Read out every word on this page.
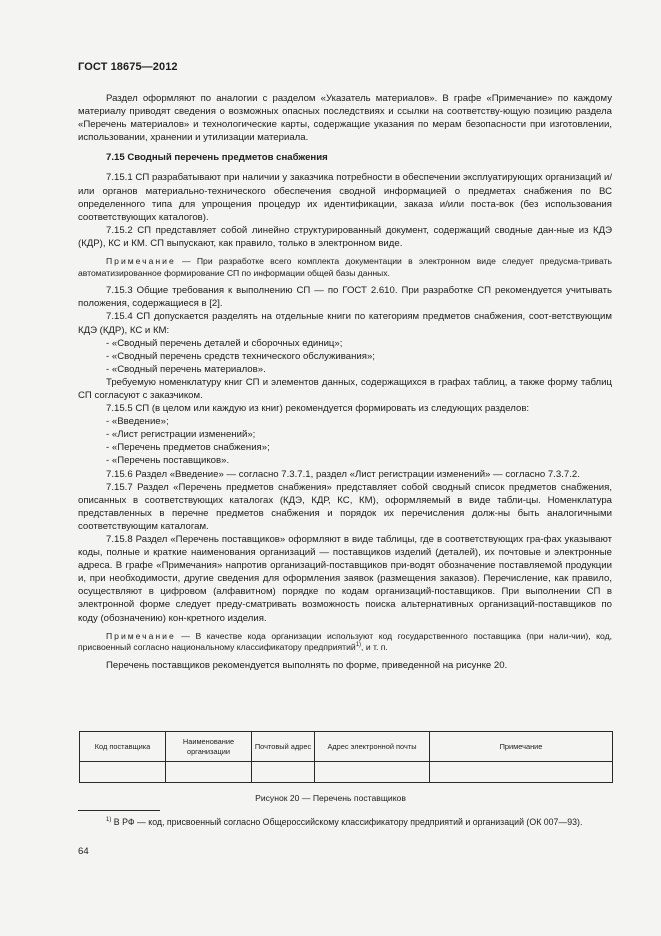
ГОСТ 18675—2012

Раздел оформляют по аналогии с разделом «Указатель материалов». В графе «Примечание» по каждому материалу приводят сведения о возможных опасных последствиях и ссылки на соответству-ющую позицию раздела «Перечень материалов» и технологические карты, содержащие указания по мерам безопасности при изготовлении, использовании, хранении и утилизации материала.

7.15 Сводный перечень предметов снабжения

7.15.1 СП разрабатывают при наличии у заказчика потребности в обеспечении эксплуатирующих организаций и/или органов материально-технического обеспечения сводной информацией о предметах снабжения по ВС определенного типа для упрощения процедур их идентификации, заказа и/или поста-вок (без использования соответствующих каталогов).

7.15.2 СП представляет собой линейно структурированный документ, содержащий сводные дан-ные из КДЭ (КДР), КС и КМ. СП выпускают, как правило, только в электронном виде.

Примечание — При разработке всего комплекта документации в электронном виде следует предусма-тривать автоматизированное формирование СП по информации общей базы данных.

7.15.3 Общие требования к выполнению СП — по ГОСТ 2.610. При разработке СП рекомендуется учитывать положения, содержащиеся в [2].

7.15.4 СП допускается разделять на отдельные книги по категориям предметов снабжения, соот-ветствующим КДЭ (КДР), КС и КМ:

- «Сводный перечень деталей и сборочных единиц»;

- «Сводный перечень средств технического обслуживания»;

- «Сводный перечень материалов».

Требуемую номенклатуру книг СП и элементов данных, содержащихся в графах таблиц, а также форму таблиц СП согласуют с заказчиком.

7.15.5 СП (в целом или каждую из книг) рекомендуется формировать из следующих разделов:

- «Введение»;

- «Лист регистрации изменений»;

- «Перечень предметов снабжения»;

- «Перечень поставщиков».

7.15.6 Раздел «Введение» — согласно 7.3.7.1, раздел «Лист регистрации изменений» — согласно 7.3.7.2.

7.15.7 Раздел «Перечень предметов снабжения» представляет собой сводный список предметов снабжения, описанных в соответствующих каталогах (КДЭ, КДР, КС, КМ), оформляемый в виде табли-цы. Номенклатура представленных в перечне предметов снабжения и порядок их перечисления долж-ны быть аналогичными соответствующим каталогам.

7.15.8 Раздел «Перечень поставщиков» оформляют в виде таблицы, где в соответствующих гра-фах указывают коды, полные и краткие наименования организаций — поставщиков изделий (деталей), их почтовые и электронные адреса. В графе «Примечания» напротив организаций-поставщиков при-водят обозначение поставляемой продукции и, при необходимости, другие сведения для оформления заявок (размещения заказов). Перечисление, как правило, осуществляют в цифровом (алфавитном) порядке по кодам организаций-поставщиков. При выполнении СП в электронной форме следует преду-сматривать возможность поиска альтернативных организаций-поставщиков по коду (обозначению) кон-кретного изделия.

Примечание — В качестве кода организации используют код государственного поставщика (при нали-чии), код, присвоенный согласно национальному классификатору предприятий$^{1)}$, и т. п.

Перечень поставщиков рекомендуется выполнять по форме, приведенной на рисунке 20.

Код поставщика	Наименование организации	Почтовый адрес	Адрес электронной почты	Примечание

Рисунок 20 — Перечень поставщиков

$^{1)}$ В РФ — код, присвоенный согласно Общероссийскому классификатору предприятий и организаций (ОК 007—93).

64
